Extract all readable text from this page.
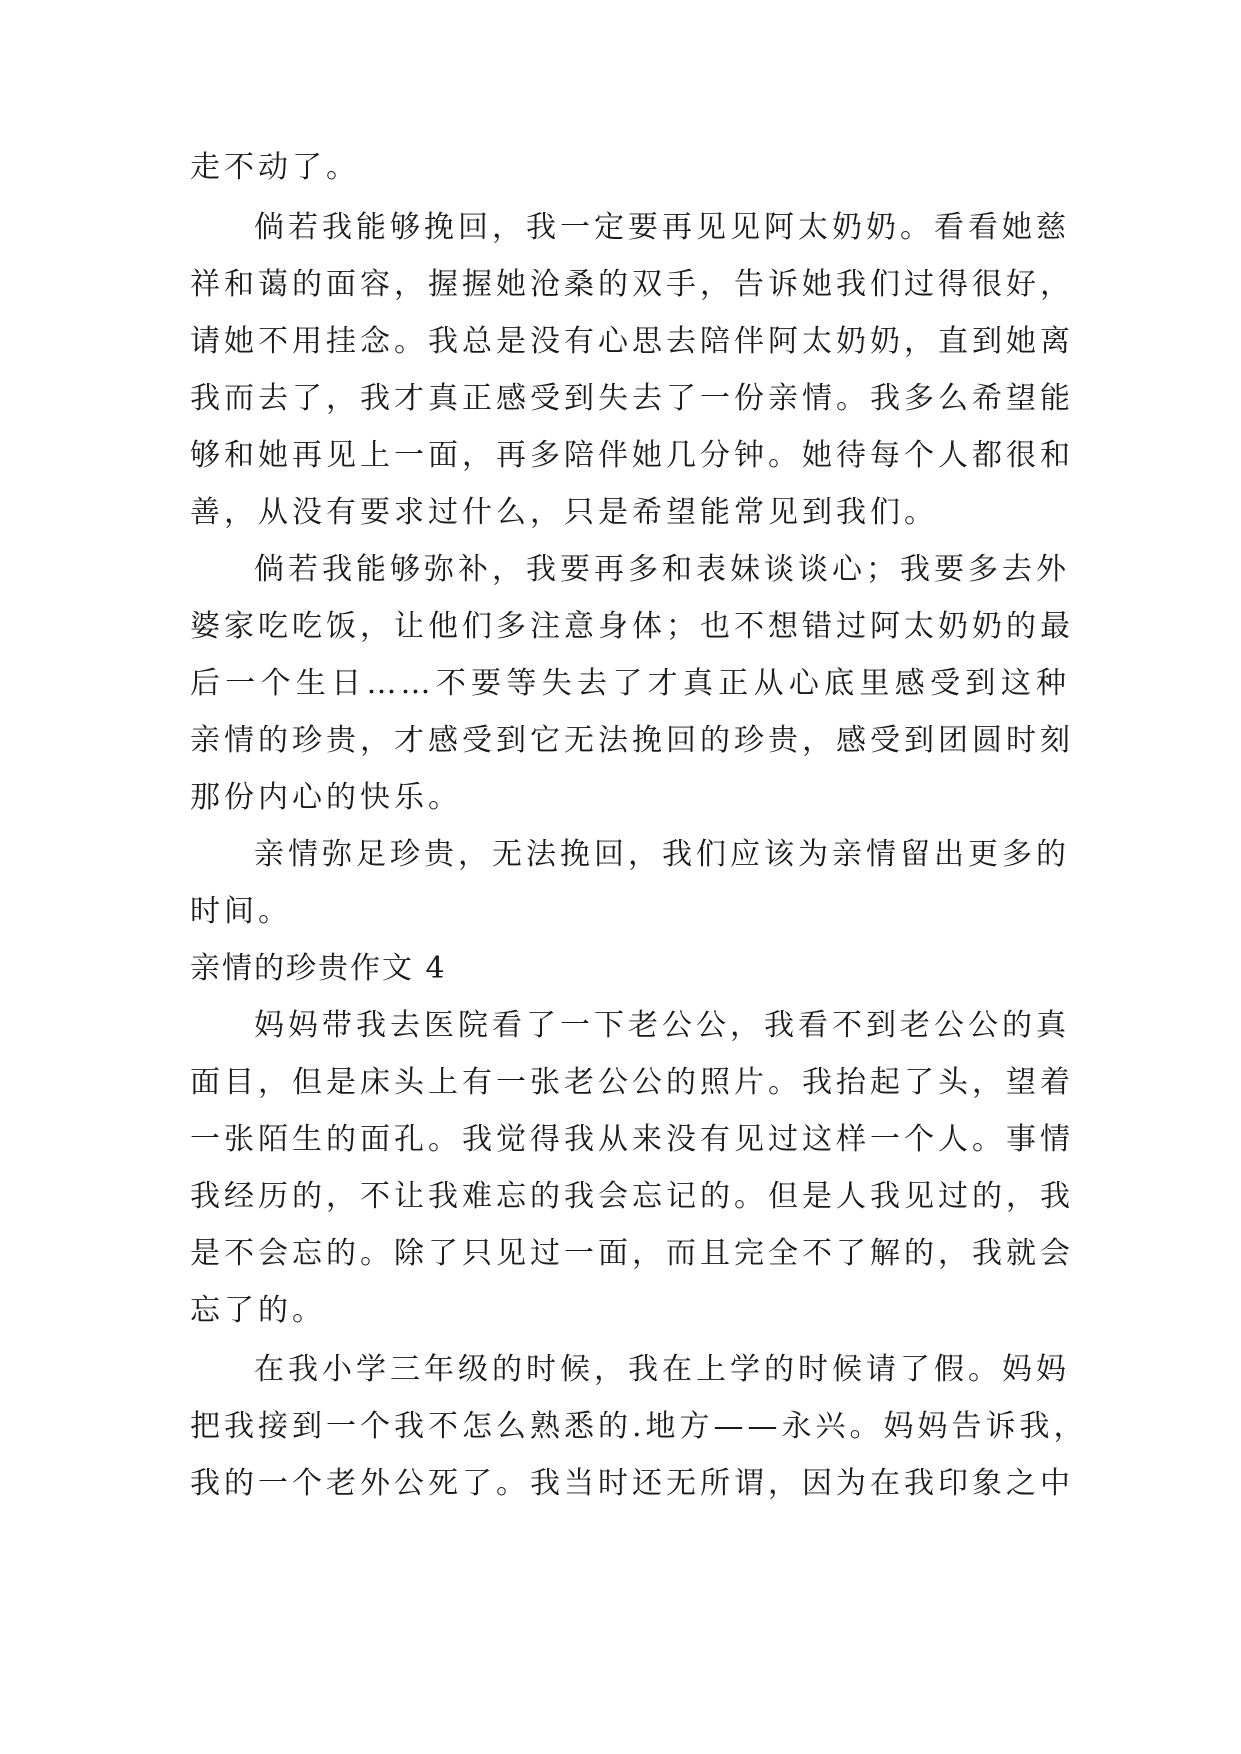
走不动了。
倘若我能够挽回，我一定要再见见阿太奶奶。看看她慈
祥和蔼的面容，握握她沧桑的双手，告诉她我们过得很好，
请她不用挂念。我总是没有心思去陪伴阿太奶奶，直到她离
我而去了，我才真正感受到失去了一份亲情。我多么希望能
够和她再见上一面，再多陪伴她几分钟。她待每个人都很和
善，从没有要求过什么，只是希望能常见到我们。
倘若我能够弥补，我要再多和表妹谈谈心；我要多去外
婆家吃吃饭，让他们多注意身体；也不想错过阿太奶奶的最
后一个生日……不要等失去了才真正从心底里感受到这种
亲情的珍贵，才感受到它无法挽回的珍贵，感受到团圆时刻
那份内心的快乐。
亲情弥足珍贵，无法挽回，我们应该为亲情留出更多的
时间。
亲情的珍贵作文 4
妈妈带我去医院看了一下老公公，我看不到老公公的真
面目，但是床头上有一张老公公的照片。我抬起了头，望着
一张陌生的面孔。我觉得我从来没有见过这样一个人。事情
我经历的，不让我难忘的我会忘记的。但是人我见过的，我
是不会忘的。除了只见过一面，而且完全不了解的，我就会
忘了的。
在我小学三年级的时候，我在上学的时候请了假。妈妈
把我接到一个我不怎么熟悉的.地方——永兴。妈妈告诉我，
我的一个老外公死了。我当时还无所谓，因为在我印象之中
